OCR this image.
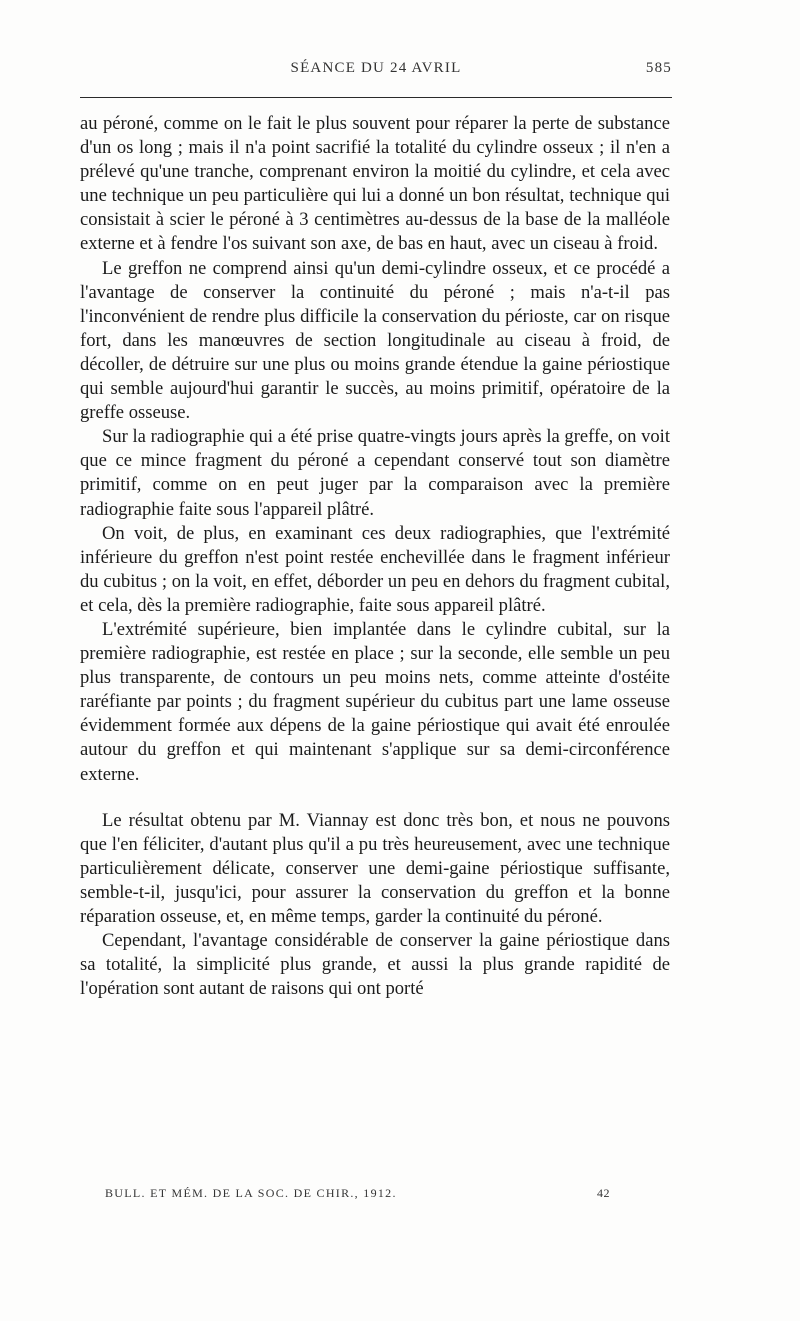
SÉANCE DU 24 AVRIL	585

au péroné, comme on le fait le plus souvent pour réparer la perte de substance d'un os long ; mais il n'a point sacrifié la totalité du cylindre osseux ; il n'en a prélevé qu'une tranche, comprenant environ la moitié du cylindre, et cela avec une technique un peu particulière qui lui a donné un bon résultat, technique qui consistait à scier le péroné à 3 centimètres au-dessus de la base de la malléole externe et à fendre l'os suivant son axe, de bas en haut, avec un ciseau à froid.

Le greffon ne comprend ainsi qu'un demi-cylindre osseux, et ce procédé a l'avantage de conserver la continuité du péroné ; mais n'a-t-il pas l'inconvénient de rendre plus difficile la conservation du périoste, car on risque fort, dans les manœuvres de section longitudinale au ciseau à froid, de décoller, de détruire sur une plus ou moins grande étendue la gaine périostique qui semble aujourd'hui garantir le succès, au moins primitif, opératoire de la greffe osseuse.

Sur la radiographie qui a été prise quatre-vingts jours après la greffe, on voit que ce mince fragment du péroné a cependant conservé tout son diamètre primitif, comme on en peut juger par la comparaison avec la première radiographie faite sous l'appareil plâtré.

On voit, de plus, en examinant ces deux radiographies, que l'extrémité inférieure du greffon n'est point restée enchevillée dans le fragment inférieur du cubitus ; on la voit, en effet, déborder un peu en dehors du fragment cubital, et cela, dès la première radiographie, faite sous appareil plâtré.

L'extrémité supérieure, bien implantée dans le cylindre cubital, sur la première radiographie, est restée en place ; sur la seconde, elle semble un peu plus transparente, de contours un peu moins nets, comme atteinte d'ostéite raréfiante par points ; du fragment supérieur du cubitus part une lame osseuse évidemment formée aux dépens de la gaine périostique qui avait été enroulée autour du greffon et qui maintenant s'applique sur sa demi-circonférence externe.

Le résultat obtenu par M. Viannay est donc très bon, et nous ne pouvons que l'en féliciter, d'autant plus qu'il a pu très heureusement, avec une technique particulièrement délicate, conserver une demi-gaine périostique suffisante, semble-t-il, jusqu'ici, pour assurer la conservation du greffon et la bonne réparation osseuse, et, en même temps, garder la continuité du péroné.

Cependant, l'avantage considérable de conserver la gaine périostique dans sa totalité, la simplicité plus grande, et aussi la plus grande rapidité de l'opération sont autant de raisons qui ont porté

BULL. ET MÉM. DE LA SOC. DE CHIR., 1912.	42
